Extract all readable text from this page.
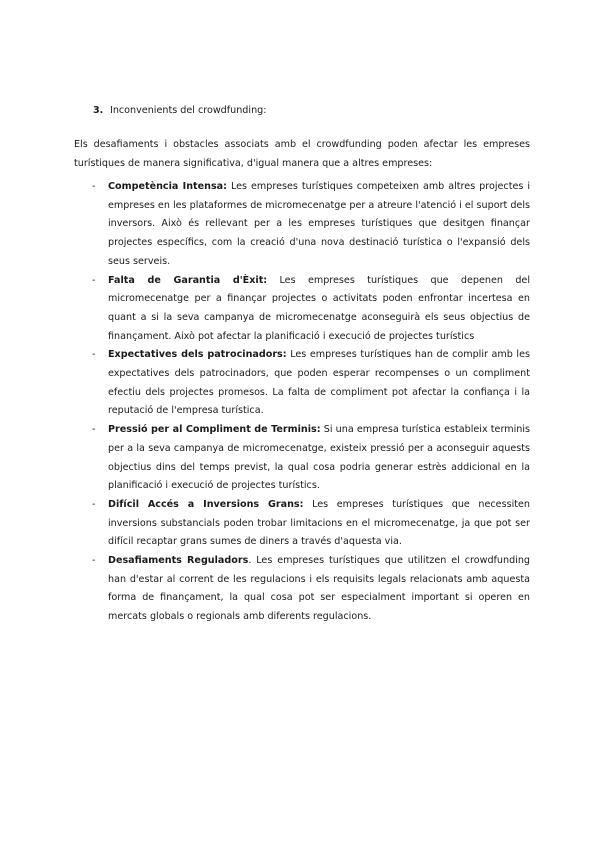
3. Inconvenients del crowdfunding:

Els desafiaments i obstacles associats amb el crowdfunding poden afectar les empreses turístiques de manera significativa, d'igual manera que a altres empreses:

- Competència Intensa: Les empreses turístiques competeixen amb altres projectes i empreses en les plataformes de micromecenatge per a atreure l'atenció i el suport dels inversors. Això és rellevant per a les empreses turístiques que desitgen finançar projectes específics, com la creació d'una nova destinació turística o l'expansió dels seus serveis.
- Falta de Garantia d'Èxit: Les empreses turístiques que depenen del micromecenatge per a finançar projectes o activitats poden enfrontar incertesa en quant a si la seva campanya de micromecenatge aconseguirà els seus objectius de finançament. Això pot afectar la planificació i execució de projectes turístics
- Expectatives dels patrocinadors: Les empreses turístiques han de complir amb les expectatives dels patrocinadors, que poden esperar recompenses o un compliment efectiu dels projectes promesos. La falta de compliment pot afectar la confiança i la reputació de l'empresa turística.
- Pressió per al Compliment de Terminis: Si una empresa turística estableix terminis per a la seva campanya de micromecenatge, existeix pressió per a aconseguir aquests objectius dins del temps previst, la qual cosa podria generar estrès addicional en la planificació i execució de projectes turístics.
- Difícil Accés a Inversions Grans: Les empreses turístiques que necessiten inversions substancials poden trobar limitacions en el micromecenatge, ja que pot ser difícil recaptar grans sumes de diners a través d'aquesta via.
- Desafiaments Reguladors. Les empreses turístiques que utilitzen el crowdfunding han d'estar al corrent de les regulacions i els requisits legals relacionats amb aquesta forma de finançament, la qual cosa pot ser especialment important si operen en mercats globals o regionals amb diferents regulacions.
